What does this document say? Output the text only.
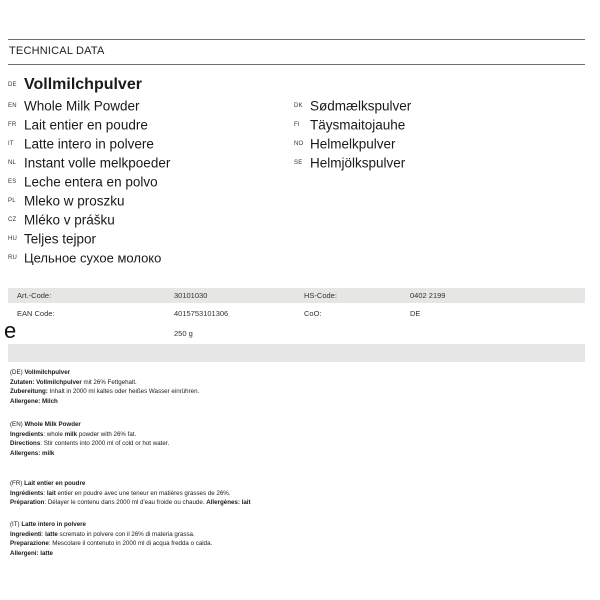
TECHNICAL DATA
DE Vollmilchpulver
EN Whole Milk Powder
FR Lait entier en poudre
IT Latte intero in polvere
NL Instant volle melkpoeder
ES Leche entera en polvo
PL Mleko w proszku
CZ Mléko v prášku
HU Teljes tejpor
RU Цельное сухое молоко
DK Sødmælkspulver
FI Täysmaitojauhe
NO Helmelkpulver
SE Helmjölkspulver
Art.-Code:	30101030	HS-Code:	0402 2199
EAN Code:	4015753101306	CoO:	DE
250 g
e
(DE) Vollmilchpulver
Zutaten: Vollmilchpulver mit 26% Fettgehalt.
Zubereitung: Inhalt in 2000 ml kaltes oder heißes Wasser einrühren.
Allergene: Milch
(EN) Whole Milk Powder
Ingredients: whole milk powder with 26% fat.
Directions: Stir contents into 2000 ml of cold or hot water.
Allergens: milk
(FR) Lait entier en poudre
Ingrédients: lait entier en poudre avec une teneur en matières grasses de 26%.
Préparation: Délayer le contenu dans 2000 ml d'eau froide ou chaude. Allergènes: lait
(IT) Latte intero in polvere
Ingredienti: latte scremato in polvere con il 26% di materia grassa.
Preparazione: Mescolare il contenuto in 2000 ml di acqua fredda o calda.
Allergeni: latte
